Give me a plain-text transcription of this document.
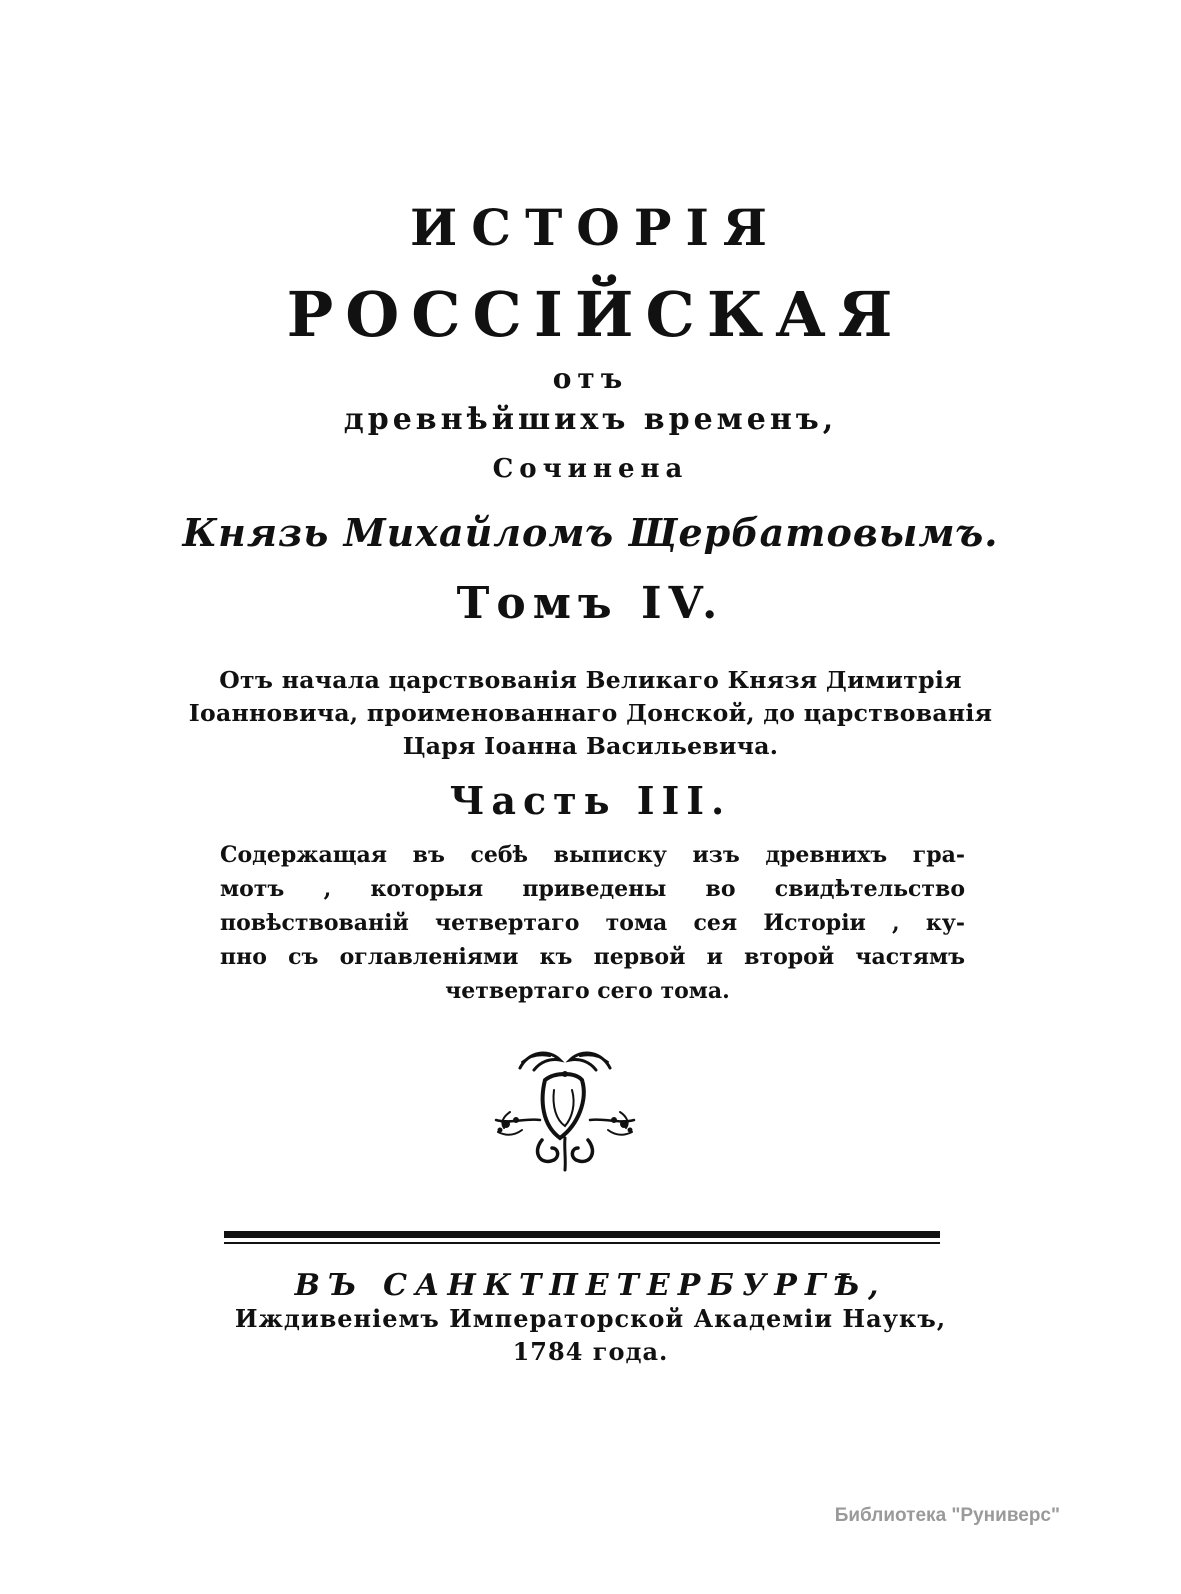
ИСТОРІЯ
РОССІЙСКАЯ
отъ
древнѣйшихъ временъ,
Сочинена
Князь Михайломъ Щербатовымъ.
Томъ IV.
Отъ начала царствованія Великаго Князя Димитрія
Іоанновича, проименованнаго Донской, до царствованія
Царя Іоанна Васильевича.
Часть III.
Содержащая въ себѣ выписку изъ древнихъ гра-
мотъ , которыя приведены во свидѣтельство
повѣствованій четвертаго тома сея Исторіи , ку-
пно съ оглавленіями къ первой и второй частямъ
четвертаго сего тома.
ВЪ САНКТПЕТЕРБУРГѢ,
Иждивеніемъ Императорской Академіи Наукъ,
1784 года.
Библиотека "Руниверс"
